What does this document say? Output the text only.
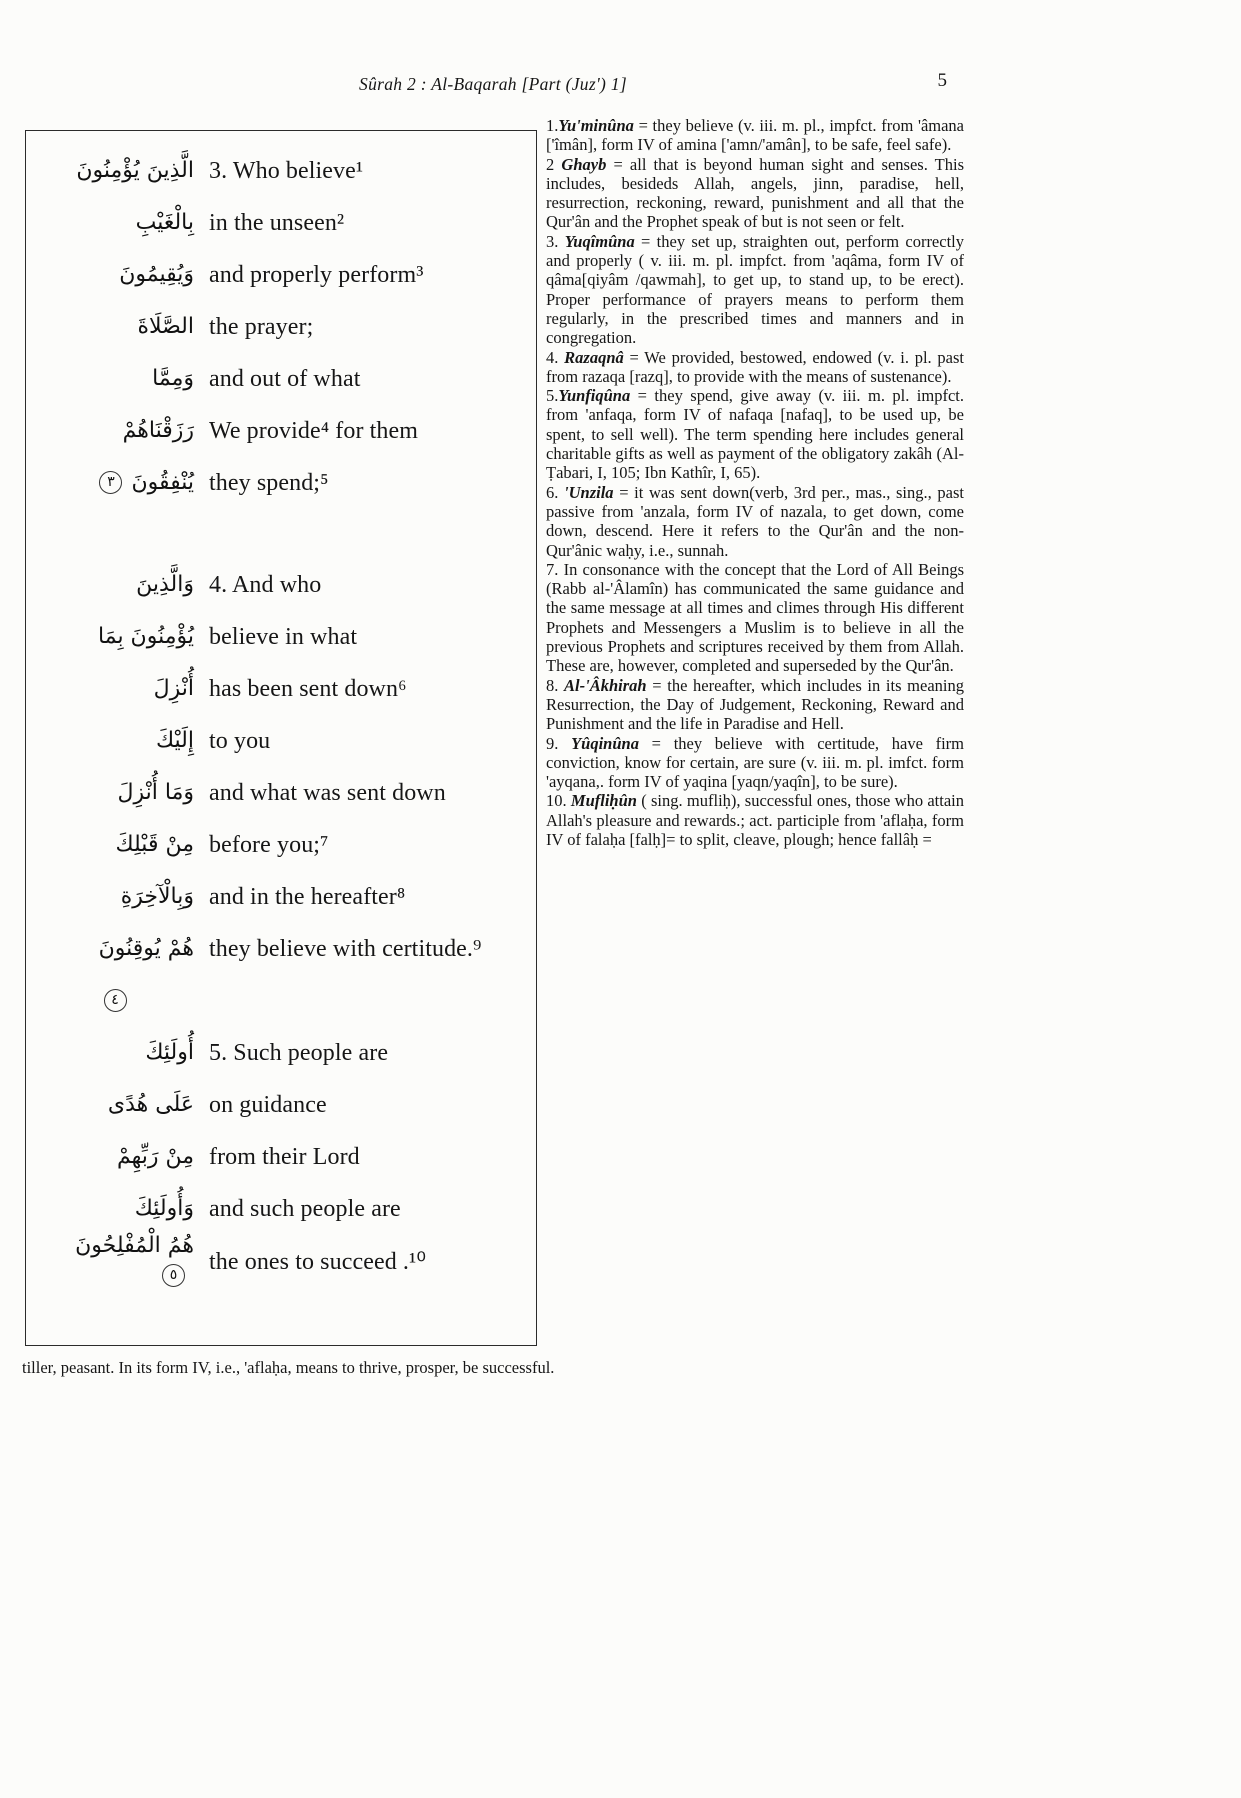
Sûrah 2 : Al-Baqarah [Part (Juz') 1]	5
الَّذِينَ يُؤْمِنُونَ 3. Who believe¹
بِالْغَيْبِ in the unseen²
وَيُقِيمُونَ and properly perform³
الصَّلَاةَ the prayer;
وَمِمَّا and out of what
رَزَقْنَاهُمْ We provide⁴ for them
يُنْفِقُونَ٣	they spend;⁵
وَالَّذِينَ 4. And who
يُؤْمِنُونَ بِمَا believe in what
أُنْزِلَ has been sent down⁶
إِلَيْكَ to you
وَمَا أُنْزِلَ and what was sent down
مِنْ قَبْلِكَ before you;⁷
وَبِالْآخِرَةِ and in the hereafter⁸
هُمْ يُوقِنُونَ they believe with certitude.⁹
٤
أُولَئِكَ 5. Such people are
عَلَى هُدًى on guidance
مِنْ رَبِّهِمْ from their Lord
وَأُولَئِكَ and such people are
هُمُ الْمُفْلِحُونَ٥	the ones to succeed .¹⁰

1.Yu'minûna = they believe (v. iii. m. pl., impfct. from 'âmana ['îmân], form IV of amina ['amn/'amân], to be safe, feel safe).

2 Ghayb = all that is beyond human sight and senses. This includes, besideds Allah, angels, jinn, paradise, hell, resurrection, reckoning, reward, punishment and all that the Qur'ân and the Prophet speak of but is not seen or felt.

3. Yuqîmûna = they set up, straighten out, perform correctly and properly ( v. iii. m. pl. impfct. from 'aqâma, form IV of qâma[qiyâm /qawmah], to get up, to stand up, to be erect). Proper performance of prayers means to perform them regularly, in the prescribed times and manners and in congregation.

4. Razaqnâ = We provided, bestowed, endowed (v. i. pl. past from razaqa [razq], to provide with the means of sustenance).

5.Yunfiqûna = they spend, give away (v. iii. m. pl. impfct. from 'anfaqa, form IV of nafaqa [nafaq], to be used up, be spent, to sell well). The term spending here includes general charitable gifts as well as payment of the obligatory zakâh (Al-Ṭabari, I, 105; Ibn Kathîr, I, 65).

6. 'Unzila = it was sent down(verb, 3rd per., mas., sing., past passive from 'anzala, form IV of nazala, to get down, come down, descend. Here it refers to the Qur'ân and the non-Qur'ânic waḥy, i.e., sunnah.

7. In consonance with the concept that the Lord of All Beings (Rabb al-'Âlamîn) has communicated the same guidance and the same message at all times and climes through His different Prophets and Messengers a Muslim is to believe in all the previous Prophets and scriptures received by them from Allah. These are, however, completed and superseded by the Qur'ân.

8. Al-'Âkhirah = the hereafter, which includes in its meaning Resurrection, the Day of Judgement, Reckoning, Reward and Punishment and the life in Paradise and Hell.

9. Yûqinûna = they believe with certitude, have firm conviction, know for certain, are sure (v. iii. m. pl. imfct. form 'ayqana,. form IV of yaqina [yaqn/yaqîn], to be sure).

10. Mufliḥûn ( sing. mufliḥ), successful ones, those who attain Allah's pleasure and rewards.; act. participle from 'aflaḥa, form IV of falaḥa [falḥ]= to split, cleave, plough; hence fallâḥ =

tiller, peasant. In its form IV, i.e., 'aflaḥa, means to thrive, prosper, be successful.
